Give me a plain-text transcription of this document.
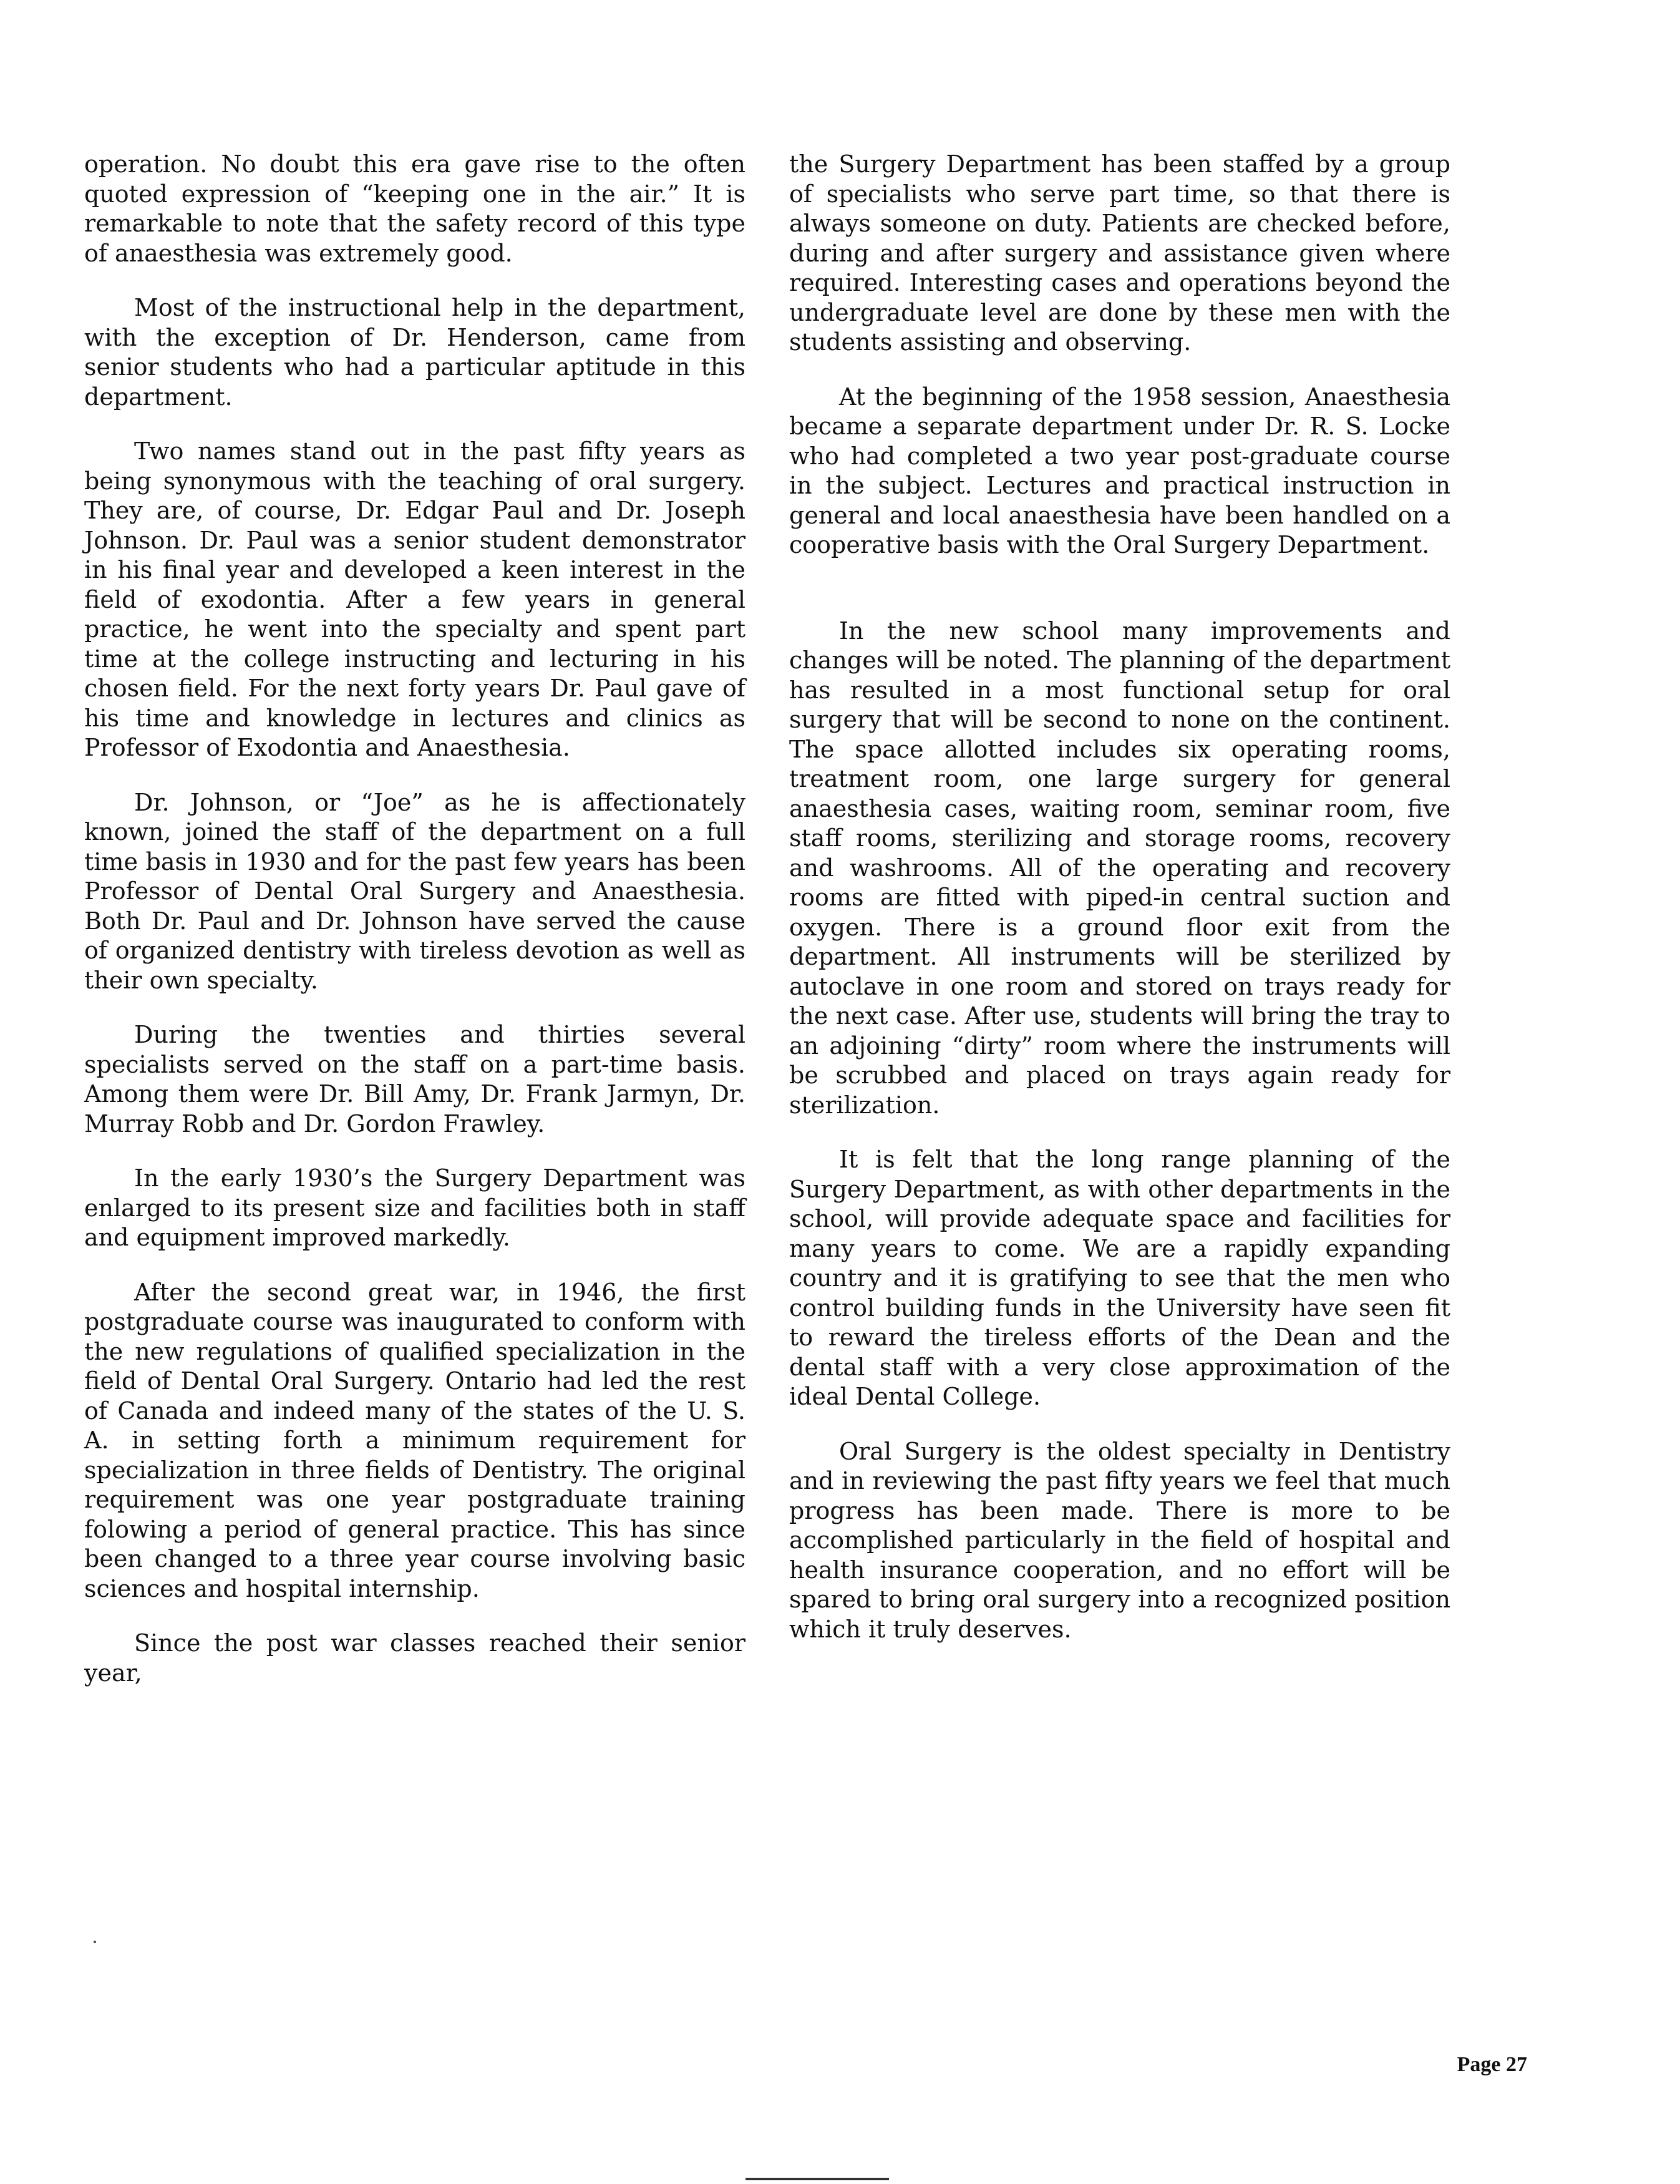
operation. No doubt this era gave rise to the often quoted expression of “keeping one in the air.” It is remarkable to note that the safety record of this type of anaesthesia was extremely good.

Most of the instructional help in the department, with the exception of Dr. Henderson, came from senior students who had a particular aptitude in this department.

Two names stand out in the past fifty years as being synonymous with the teaching of oral surgery. They are, of course, Dr. Edgar Paul and Dr. Joseph Johnson. Dr. Paul was a senior student demonstrator in his final year and developed a keen interest in the field of exodontia. After a few years in general practice, he went into the specialty and spent part time at the college instructing and lecturing in his chosen field. For the next forty years Dr. Paul gave of his time and knowledge in lectures and clinics as Professor of Exodontia and Anaesthesia.

Dr. Johnson, or “Joe” as he is affectionately known, joined the staff of the department on a full time basis in 1930 and for the past few years has been Professor of Dental Oral Surgery and Anaesthesia. Both Dr. Paul and Dr. Johnson have served the cause of organized dentistry with tireless devotion as well as their own specialty.

During the twenties and thirties several specialists served on the staff on a part-time basis. Among them were Dr. Bill Amy, Dr. Frank Jarmyn, Dr. Murray Robb and Dr. Gordon Frawley.

In the early 1930’s the Surgery Department was enlarged to its present size and facilities both in staff and equipment improved markedly.

After the second great war, in 1946, the first postgraduate course was inaugurated to conform with the new regulations of qualified specialization in the field of Dental Oral Surgery. Ontario had led the rest of Canada and indeed many of the states of the U. S. A. in setting forth a minimum requirement for specialization in three fields of Dentistry. The original requirement was one year postgraduate training folowing a period of general practice. This has since been changed to a three year course involving basic sciences and hospital internship.

Since the post war classes reached their senior year,

the Surgery Department has been staffed by a group of specialists who serve part time, so that there is always someone on duty. Patients are checked before, during and after surgery and assistance given where required. Interesting cases and operations beyond the undergraduate level are done by these men with the students assisting and observing.

At the beginning of the 1958 session, Anaesthesia became a separate department under Dr. R. S. Locke who had completed a two year post-graduate course in the subject. Lectures and practical instruction in general and local anaesthesia have been handled on a cooperative basis with the Oral Surgery Department.

In the new school many improvements and changes will be noted. The planning of the department has resulted in a most functional setup for oral surgery that will be second to none on the continent. The space allotted includes six operating rooms, treatment room, one large surgery for general anaesthesia cases, waiting room, seminar room, five staff rooms, sterilizing and storage rooms, recovery and washrooms. All of the operating and recovery rooms are fitted with piped-in central suction and oxygen. There is a ground floor exit from the department. All instruments will be sterilized by autoclave in one room and stored on trays ready for the next case. After use, students will bring the tray to an adjoining “dirty” room where the instruments will be scrubbed and placed on trays again ready for sterilization.

It is felt that the long range planning of the Surgery Department, as with other departments in the school, will provide adequate space and facilities for many years to come. We are a rapidly expanding country and it is gratifying to see that the men who control building funds in the University have seen fit to reward the tireless efforts of the Dean and the dental staff with a very close approximation of the ideal Dental College.

Oral Surgery is the oldest specialty in Dentistry and in reviewing the past fifty years we feel that much progress has been made. There is more to be accomplished particularly in the field of hospital and health insurance cooperation, and no effort will be spared to bring oral surgery into a recognized position which it truly deserves.

Page 27
